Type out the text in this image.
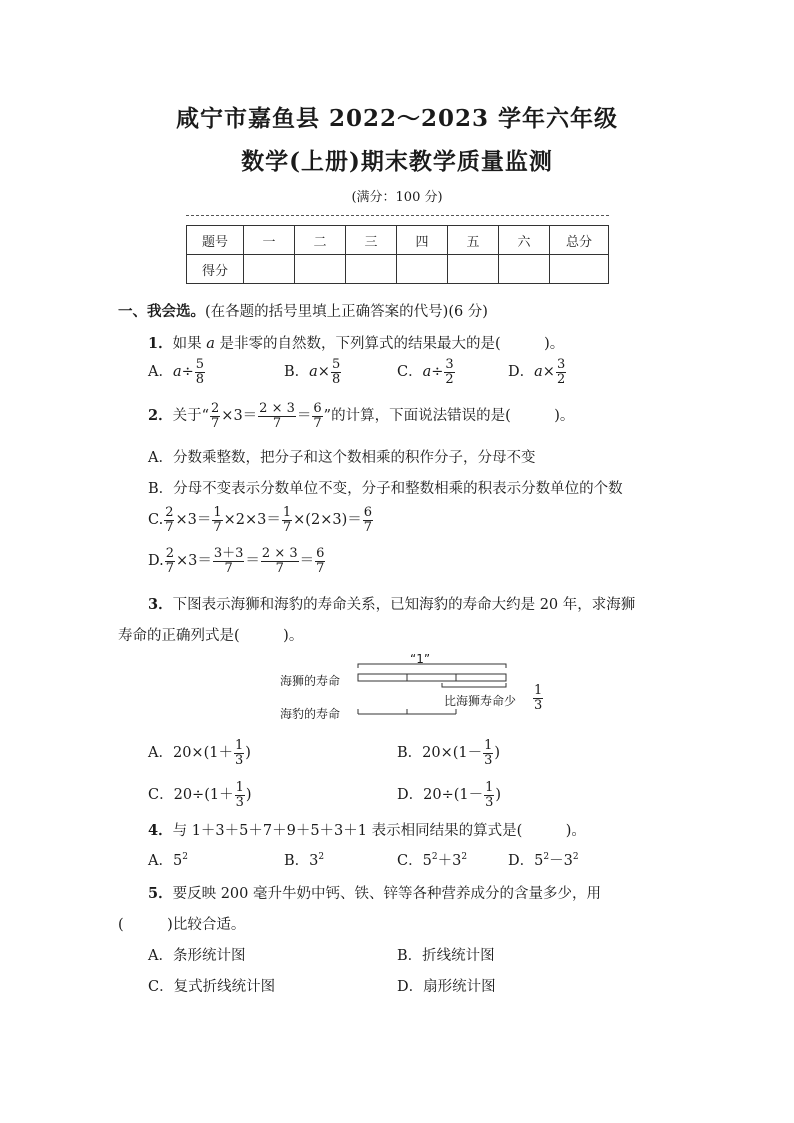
咸宁市嘉鱼县 2022～2023 学年六年级
数学(上册)期末教学质量监测
(满分：100 分)
题号	一	二	三	四	五	六	总分
得分							
一、我会选。(在各题的括号里填上正确答案的代号)(6 分)
1．如果 a 是非零的自然数，下列算式的结果最大的是(　　　)。
A．$a\div \frac{5}{8}$	B．$a\times \frac{5}{8}$	C．$a\div \frac{3}{2}$	D．$a\times \frac{3}{2}$
2．关于“ $\frac{2}{7} \times 3= \frac{2 \times 3}{7} = \frac{6}{7}$ ”的计算，下面说法错误的是(　　　)。
A．分数乘整数，把分子和这个数相乘的积作分子，分母不变
B．分母不变表示分数单位不变，分子和整数相乘的积表示分数单位的个数
C. $\frac{2}{7} \times 3= \frac{1}{7} \times 2\times 3= \frac{1}{7} \times(2\times 3)= \frac{6}{7}$
D. $\frac{2}{7} \times 3= \frac{3+3}{7} = \frac{2 \times 3}{7} = \frac{6}{7}$
3．下图表示海狮和海豹的寿命关系，已知海豹的寿命大约是 20 年，求海狮
寿命的正确列式是(　　　)。
“1”
海狮的寿命
海豹的寿命
比海狮寿命少 $\frac{1}{3}$
A．$20\times(1+ \frac{1}{3}$ )	B．$20\times(1- \frac{1}{3}$ )
C．$20\div(1+ \frac{1}{3}$ )	D．$20\div(1- \frac{1}{3}$ )
4．与 1＋3＋5＋7＋9＋5＋3＋1 表示相同结果的算式是(　　　)。
A．$5^2$	B．$3^2$	C．$5^2+3^2$	D．$5^2-3^2$
5．要反映 200 毫升牛奶中钙、铁、锌等各种营养成分的含量多少，用
(　　　)比较合适。
A．条形统计图	B．折线统计图
C．复式折线统计图	D．扇形统计图
